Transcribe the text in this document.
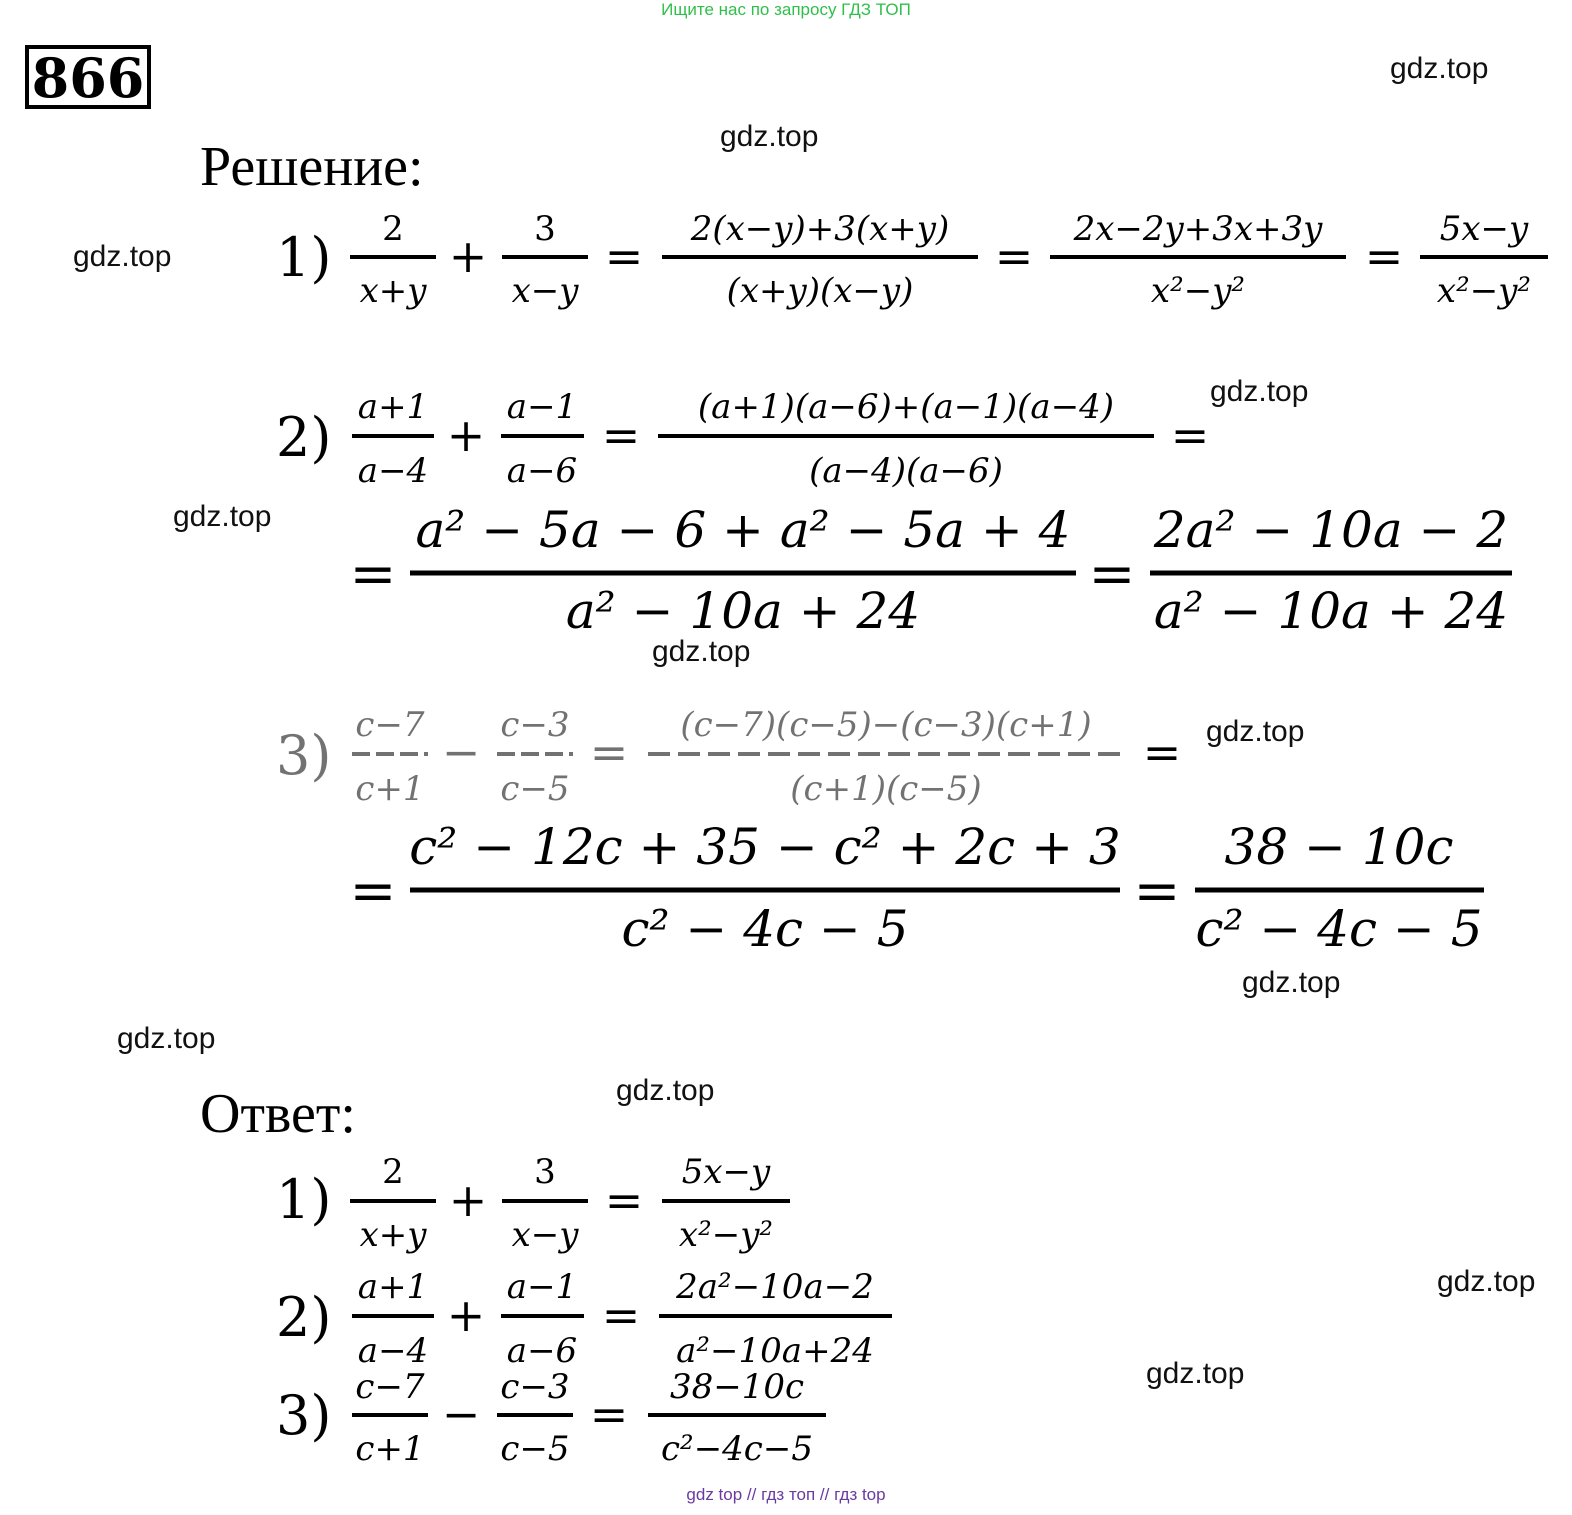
Ищите нас по запросу ГДЗ ТОП
866
Решение:
Ответ:
gdz.top
gdz.top
gdz.top
gdz.top
gdz.top
gdz.top
gdz.top
gdz.top
gdz.top
gdz.top
gdz.top
gdz.top
1) 2
x+y
+ 3
x−y
= 2(x−y)+3(x+y)
(x+y)(x−y)
= 2x−2y+3x+3y
x²−y²
= 5x−y
x²−y²
2) a+1
a−4
+
a−1
a−6
=
(a+1)(a−6)+(a−1)(a−4)
(a−4)(a−6)
=
=
a² − 5a − 6 + a² − 5a + 4
a² − 10a + 24
=
2a² − 10a − 2
a² − 10a + 24
3) c−7
c+1
− c−3
c−5
= (c−7)(c−5)−(c−3)(c+1)
(c+1)(c−5)
=
=
c² − 12c + 35 − c² + 2c + 3
c² − 4c − 5
=
38 − 10c
c² − 4c − 5
1) 2
x+y
+
3
x−y
=
5x−y
x²−y²
2) a+1
a−4
+
a−1
a−6
=
2a²−10a−2
a²−10a+24
3) c−7
c+1
− c−3
c−5
= 38−10c
c²−4c−5
gdz top // гдз топ // гдз top
